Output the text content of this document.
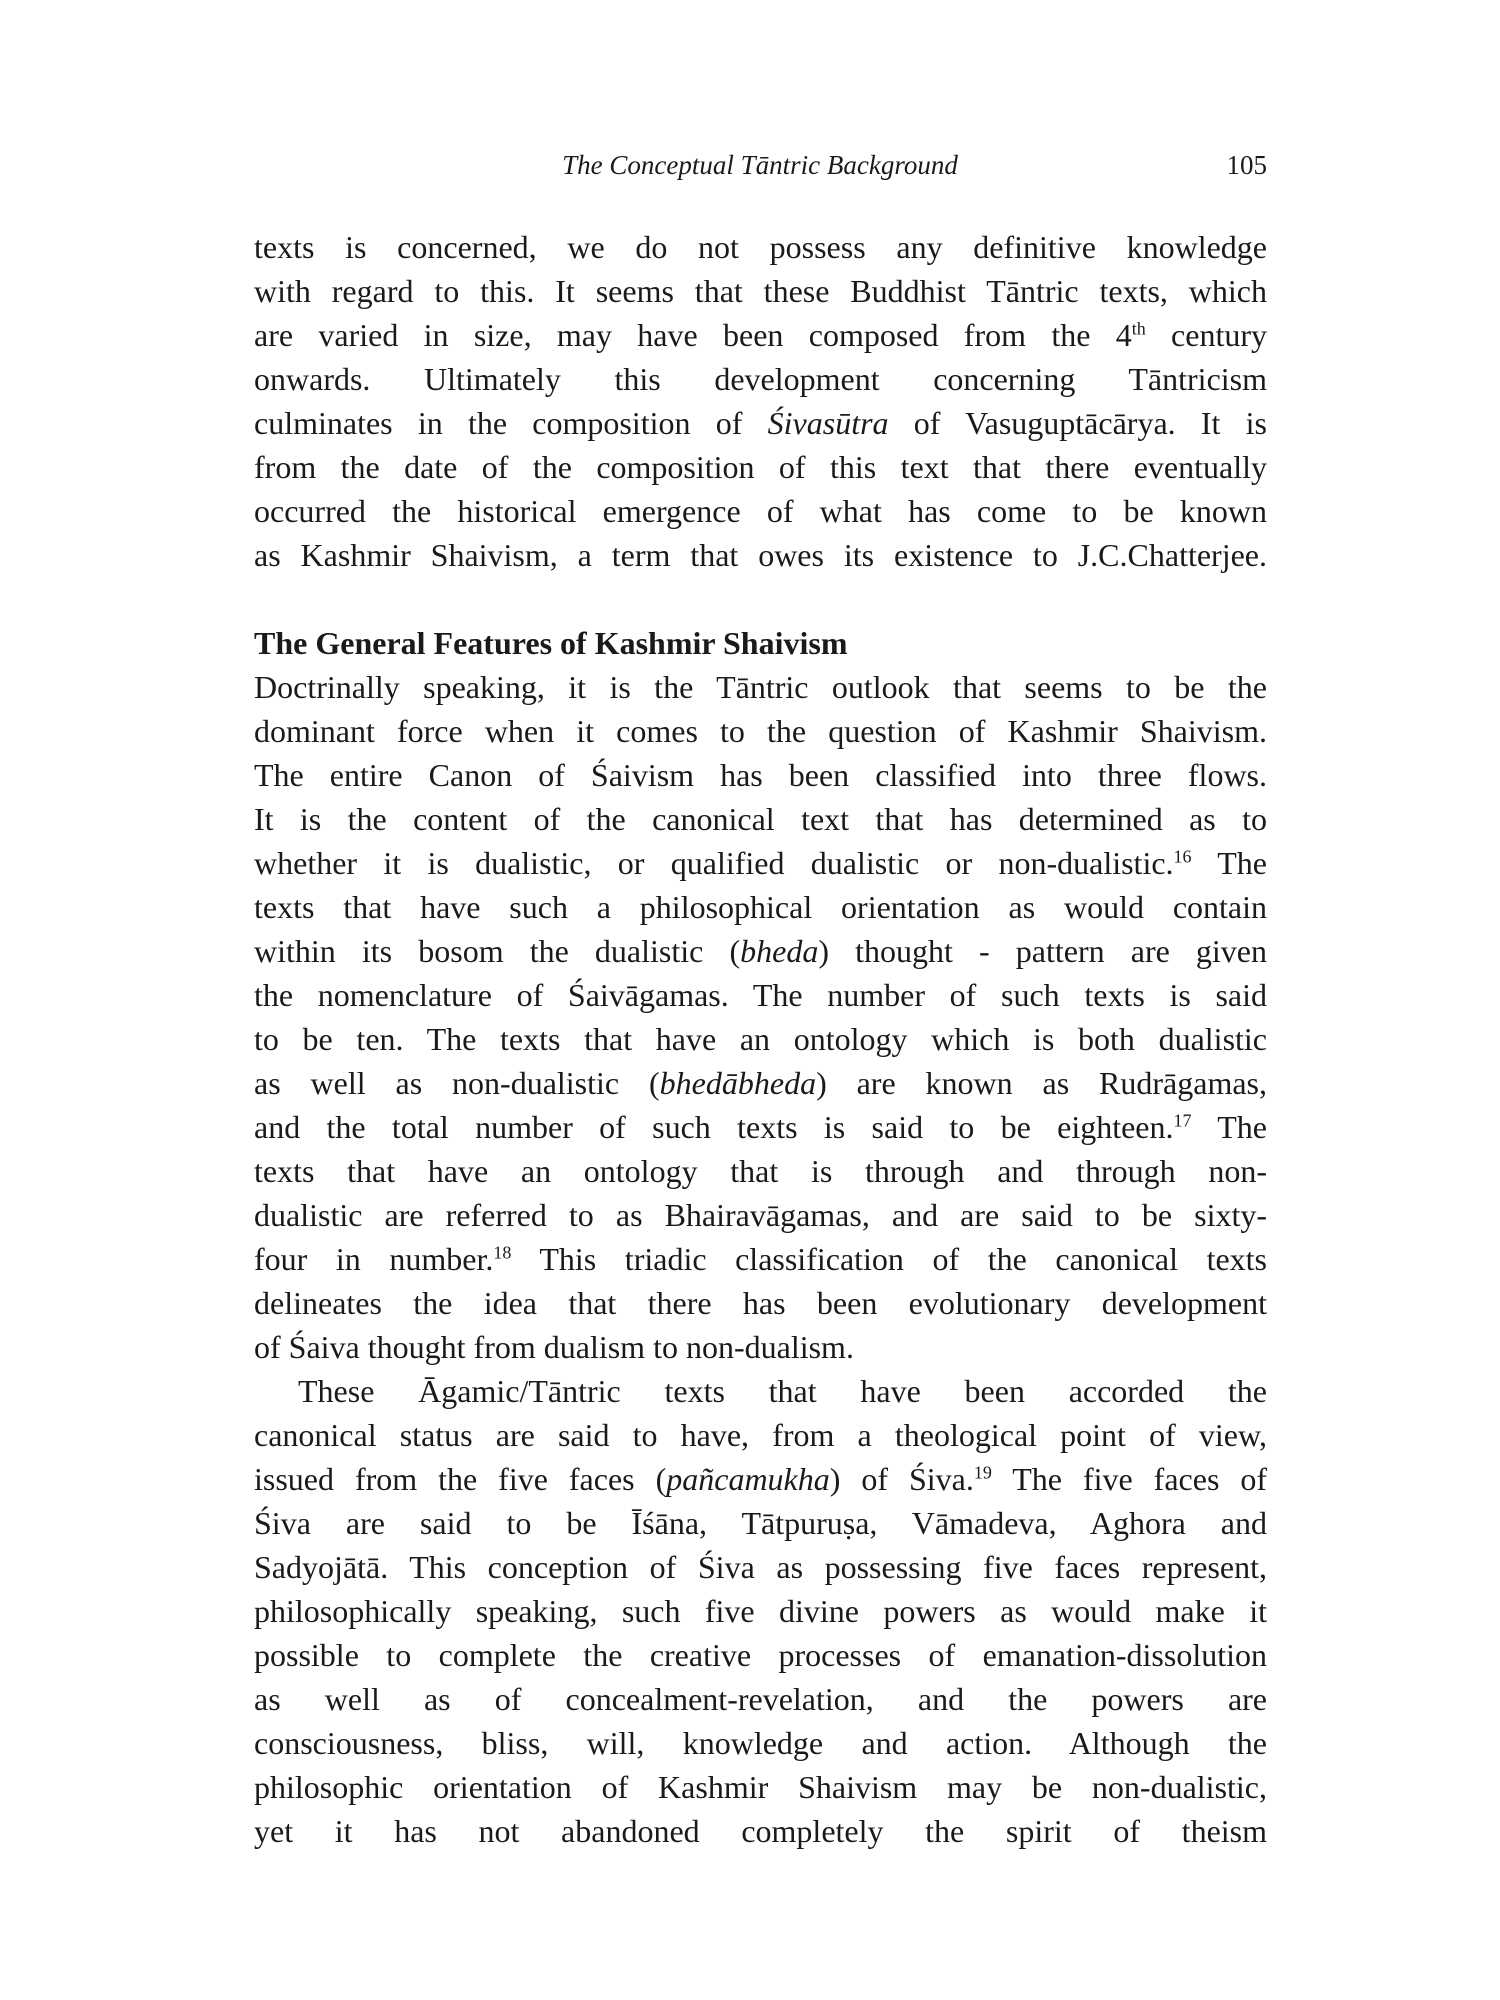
The Conceptual Tāntric Background	105
texts is concerned, we do not possess any definitive knowledge
with regard to this. It seems that these Buddhist Tāntric texts, which
are varied in size, may have been composed from the 4th century
onwards. Ultimately this development concerning Tāntricism
culminates in the composition of Śivasūtra of Vasuguptācārya. It is
from the date of the composition of this text that there eventually
occurred the historical emergence of what has come to be known
as Kashmir Shaivism, a term that owes its existence to J.C.Chatterjee.
The General Features of Kashmir Shaivism
Doctrinally speaking, it is the Tāntric outlook that seems to be the
dominant force when it comes to the question of Kashmir Shaivism.
The entire Canon of Śaivism has been classified into three flows.
It is the content of the canonical text that has determined as to
whether it is dualistic, or qualified dualistic or non-dualistic.$^{16}$ The
texts that have such a philosophical orientation as would contain
within its bosom the dualistic (bheda) thought - pattern are given
the nomenclature of Śaivāgamas. The number of such texts is said
to be ten. The texts that have an ontology which is both dualistic
as well as non-dualistic (bhedābheda) are known as Rudrāgamas,
and the total number of such texts is said to be eighteen.$^{17}$ The
texts that have an ontology that is through and through non-
dualistic are referred to as Bhairavāgamas, and are said to be sixty-
four in number.$^{18}$ This triadic classification of the canonical texts
delineates the idea that there has been evolutionary development
of Śaiva thought from dualism to non-dualism.
These Āgamic/Tāntric texts that have been accorded the
canonical status are said to have, from a theological point of view,
issued from the five faces (pañcamukha) of Śiva.$^{19}$ The five faces of
Śiva are said to be Īśāna, Tātpuruṣa, Vāmadeva, Aghora and
Sadyojātā. This conception of Śiva as possessing five faces represent,
philosophically speaking, such five divine powers as would make it
possible to complete the creative processes of emanation-dissolution
as well as of concealment-revelation, and the powers are
consciousness, bliss, will, knowledge and action. Although the
philosophic orientation of Kashmir Shaivism may be non-dualistic,
yet it has not abandoned completely the spirit of theism
